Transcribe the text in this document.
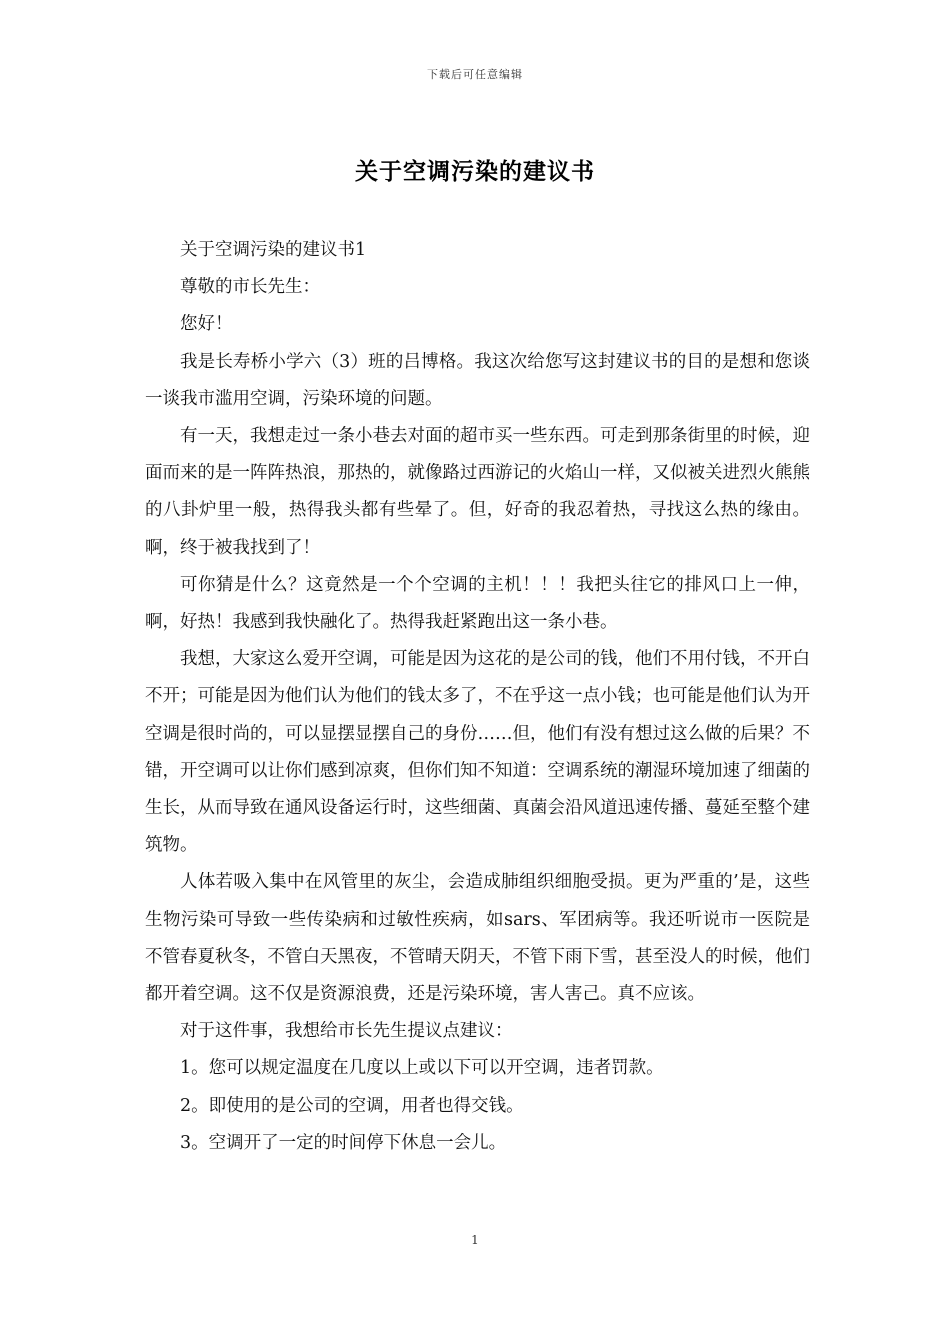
下载后可任意编辑
关于空调污染的建议书

关于空调污染的建议书1

尊敬的市长先生：

您好！

我是长寿桥小学六（3）班的吕博格。我这次给您写这封建议书的目的是想和您谈一谈我市滥用空调，污染环境的问题。

有一天，我想走过一条小巷去对面的超市买一些东西。可走到那条街里的时候，迎面而来的是一阵阵热浪，那热的，就像路过西游记的火焰山一样，又似被关进烈火熊熊的八卦炉里一般，热得我头都有些晕了。但，好奇的我忍着热，寻找这么热的缘由。啊，终于被我找到了！

可你猜是什么？这竟然是一个个空调的主机！！！我把头往它的排风口上一伸，啊，好热！我感到我快融化了。热得我赶紧跑出这一条小巷。

我想，大家这么爱开空调，可能是因为这花的是公司的钱，他们不用付钱，不开白不开；可能是因为他们认为他们的钱太多了，不在乎这一点小钱；也可能是他们认为开空调是很时尚的，可以显摆显摆自己的身份……但，他们有没有想过这么做的后果？不错，开空调可以让你们感到凉爽，但你们知不知道：空调系统的潮湿环境加速了细菌的生长，从而导致在通风设备运行时，这些细菌、真菌会沿风道迅速传播、蔓延至整个建筑物。

人体若吸入集中在风管里的灰尘，会造成肺组织细胞受损。更为严重的’是，这些生物污染可导致一些传染病和过敏性疾病，如sars、军团病等。我还听说市一医院是不管春夏秋冬，不管白天黑夜，不管晴天阴天，不管下雨下雪，甚至没人的时候，他们都开着空调。这不仅是资源浪费，还是污染环境，害人害己。真不应该。

对于这件事，我想给市长先生提议点建议：

1。您可以规定温度在几度以上或以下可以开空调，违者罚款。

2。即使用的是公司的空调，用者也得交钱。

3。空调开了一定的时间停下休息一会儿。

1
